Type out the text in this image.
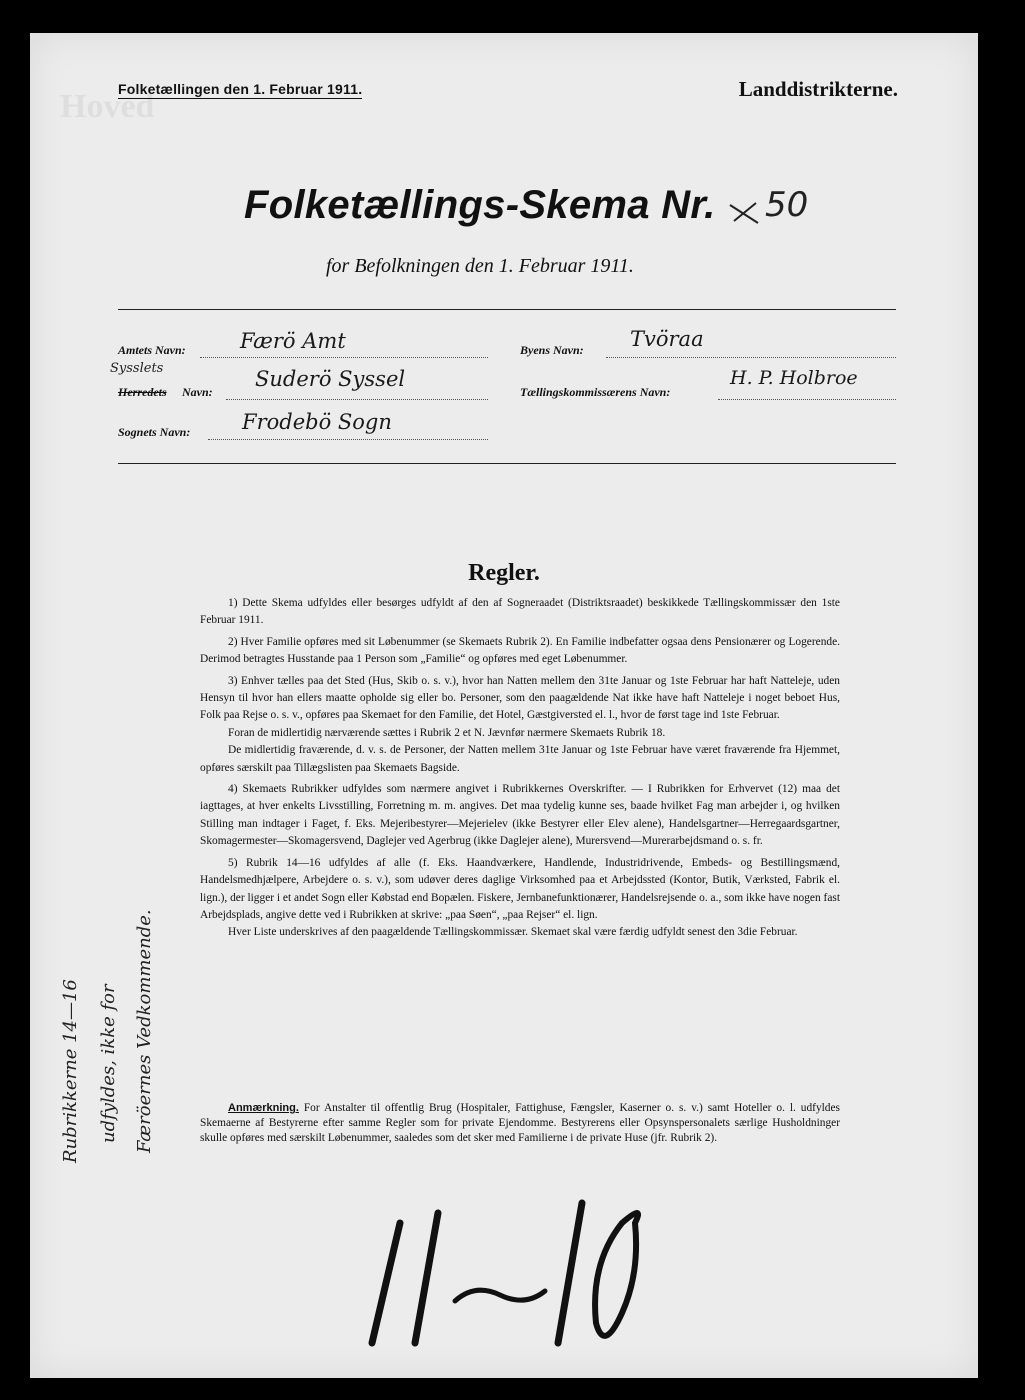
Hoved
Folketællingen den 1. Februar 1911.	Landdistrikterne.
Folketællings-Skema Nr. 50
for Befolkningen den 1. Februar 1911.
Amtets Navn:	Færö Amt
Sysslets
Herredets Navn:
Suderö Syssel
Sognets Navn: Frodebö Sogn
Byens Navn: Tvöraa
Tællingskommissærens Navn:
H. P. Holbroe
Regler.

1) Dette Skema udfyldes eller besørges udfyldt af den af Sogneraadet (Distriktsraadet) beskikkede Tællingskommissær den 1ste Februar 1911.

2) Hver Familie opføres med sit Løbenummer (se Skemaets Rubrik 2). En Familie indbefatter ogsaa dens Pensionærer og Logerende. Derimod betragtes Husstande paa 1 Person som „Familie“ og opføres med eget Løbenummer.

3) Enhver tælles paa det Sted (Hus, Skib o. s. v.), hvor han Natten mellem den 31te Januar og 1ste Februar har haft Natteleje, uden Hensyn til hvor han ellers maatte opholde sig eller bo. Personer, som den paagældende Nat ikke have haft Natteleje i noget beboet Hus, Folk paa Rejse o. s. v., opføres paa Skemaet for den Familie, det Hotel, Gæstgiversted el. l., hvor de først tage ind 1ste Februar.

Foran de midlertidig nærværende sættes i Rubrik 2 et N. Jævnfør nærmere Skemaets Rubrik 18.

De midlertidig fraværende, d. v. s. de Personer, der Natten mellem 31te Januar og 1ste Februar have været fraværende fra Hjemmet, opføres særskilt paa Tillægslisten paa Skemaets Bagside.

4) Skemaets Rubrikker udfyldes som nærmere angivet i Rubrikkernes Overskrifter. — I Rubrikken for Erhvervet (12) maa det iagttages, at hver enkelts Livsstilling, Forretning m. m. angives. Det maa tydelig kunne ses, baade hvilket Fag man arbejder i, og hvilken Stilling man indtager i Faget, f. Eks. Mejeribestyrer—Mejerielev (ikke Bestyrer eller Elev alene), Handelsgartner—Herregaardsgartner, Skomagermester—Skomagersvend, Daglejer ved Agerbrug (ikke Daglejer alene), Murersvend—Murerarbejdsmand o. s. fr.

5) Rubrik 14—16 udfyldes af alle (f. Eks. Haandværkere, Handlende, Industridrivende, Embeds- og Bestillingsmænd, Handelsmedhjælpere, Arbejdere o. s. v.), som udøver deres daglige Virksomhed paa et Arbejdssted (Kontor, Butik, Værksted, Fabrik el. lign.), der ligger i et andet Sogn eller Købstad end Bopælen. Fiskere, Jernbanefunktionærer, Handelsrejsende o. a., som ikke have nogen fast Arbejdsplads, angive dette ved i Rubrikken at skrive: „paa Søen“, „paa Rejser“ el. lign.

Hver Liste underskrives af den paagældende Tællingskommissær. Skemaet skal være færdig udfyldt senest den 3die Februar.

Anmærkning. For Anstalter til offentlig Brug (Hospitaler, Fattighuse, Fængsler, Kaserner o. s. v.) samt Hoteller o. l. udfyldes Skemaerne af Bestyrerne efter samme Regler som for private Ejendomme. Bestyrerens eller Opsynspersonalets særlige Husholdninger skulle opføres med særskilt Løbenummer, saaledes som det sker med Familierne i de private Huse (jfr. Rubrik 2).
Rubrikkerne 14—16 udfyldes, ikke for Færöernes Vedkommende.
